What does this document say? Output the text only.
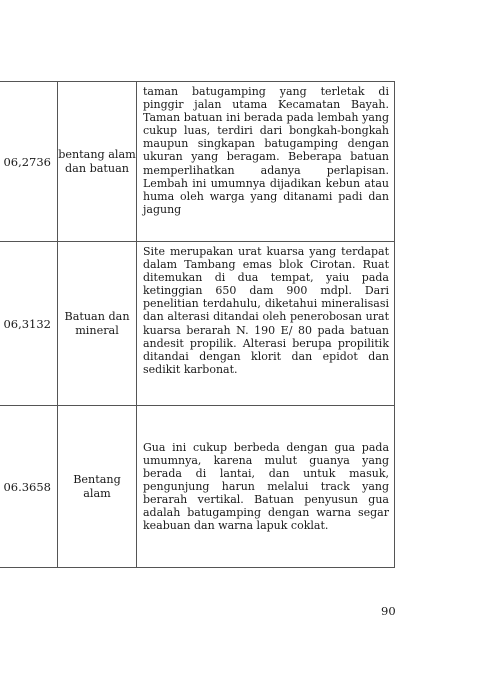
06,2736	bentang alam dan batuan	taman batugamping yang terletak di pinggir jalan utama Kecamatan Bayah. Taman batuan ini berada pada lembah yang cukup luas, terdiri dari bongkah-bongkah maupun singkapan batugamping dengan ukuran yang beragam. Beberapa batuan memperlihatkan adanya perlapisan. Lembah ini umumnya dijadikan kebun atau huma oleh warga yang ditanami padi dan jagung
06,3132	Batuan dan mineral	Site merupakan urat kuarsa yang terdapat dalam Tambang emas blok Cirotan. Ruat ditemukan di dua tempat, yaiu pada ketinggian 650 dam 900 mdpl. Dari penelitian terdahulu, diketahui mineralisasi dan alterasi ditandai oleh penerobosan urat kuarsa berarah N. 190 E/ 80 pada batuan andesit propilik. Alterasi berupa propilitik ditandai dengan klorit dan epidot dan sedikit karbonat.
06.3658	Bentang alam	Gua ini cukup berbeda dengan gua pada umumnya, karena mulut guanya yang berada di lantai, dan untuk masuk, pengunjung harun melalui track yang berarah vertikal. Batuan penyusun gua adalah batugamping dengan warna segar keabuan dan warna lapuk coklat.
90
